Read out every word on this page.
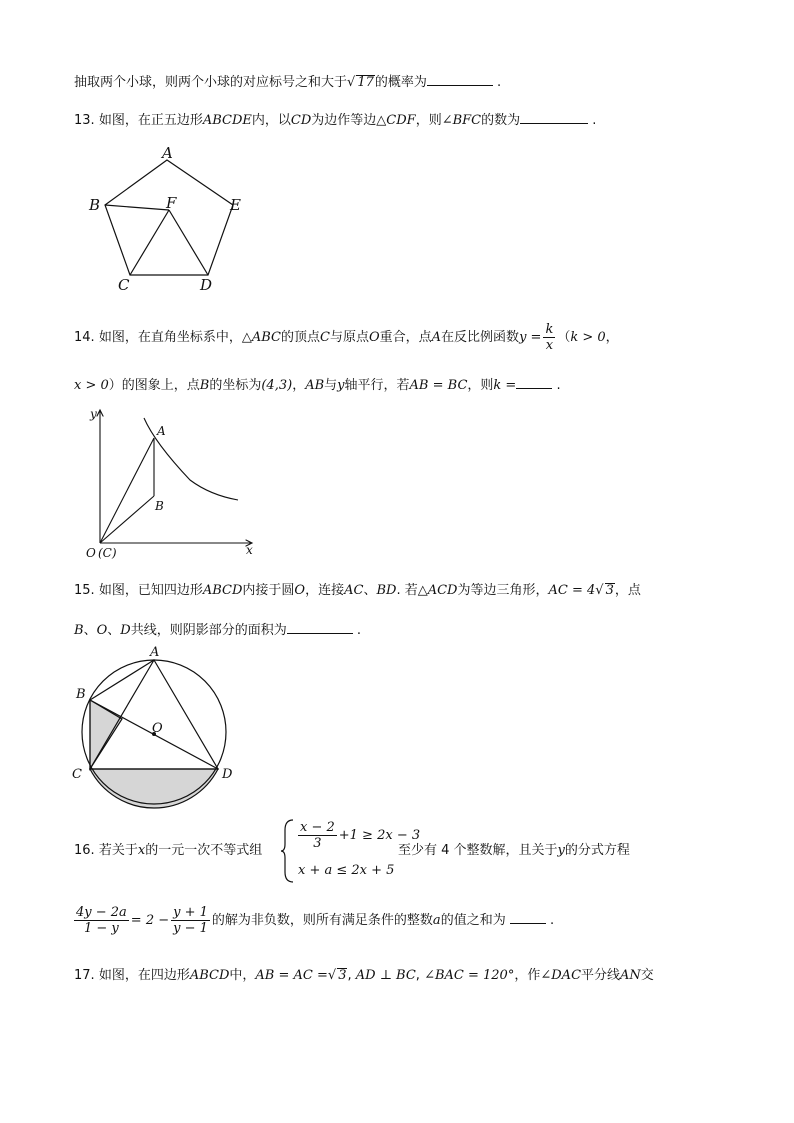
抽取两个小球，则两个小球的对应标号之和大于√ 17的概率为	.
13. 如图，在正五边形ABCDE内，以CD为边作等边△CDF，则∠BFC的数为	.
A
B	F	E
C	D
14. 如图，在直角坐标系中，△ABC的顶点C与原点O重合，点A在反比例函数$y = \frac{k}{x} (k > 0$，
x > 0）的图象上，点B的坐标为(4,3)，AB与y轴平行，若AB = BC，则k =	.
y
A
B
x
O (C)
15. 如图，已知四边形ABCD内接于圆O，连接AC、BD. 若△ACD为等边三角形，AC = 4√ 3，点
B、O、D共线，则阴影部分的面积为	.
A
B
O
C	D
16. 若关于x的一元一次不等式组	$\frac{x - 2}{3} +1 \ge 2x - 3$
x + a ≤ 2x + 5
至少有 4 个整数解，且关于y的分式方程
$\frac{4y - 2a}{1 - y} = 2 - \frac{y + 1}{y - 1}$ 的解为非负数，则所有满足条件的整数a的值之和为	.
17. 如图，在四边形ABCD中，AB = AC =√ 3, AD ⊥ BC, ∠BAC = 120°，作∠DAC平分线AN交
